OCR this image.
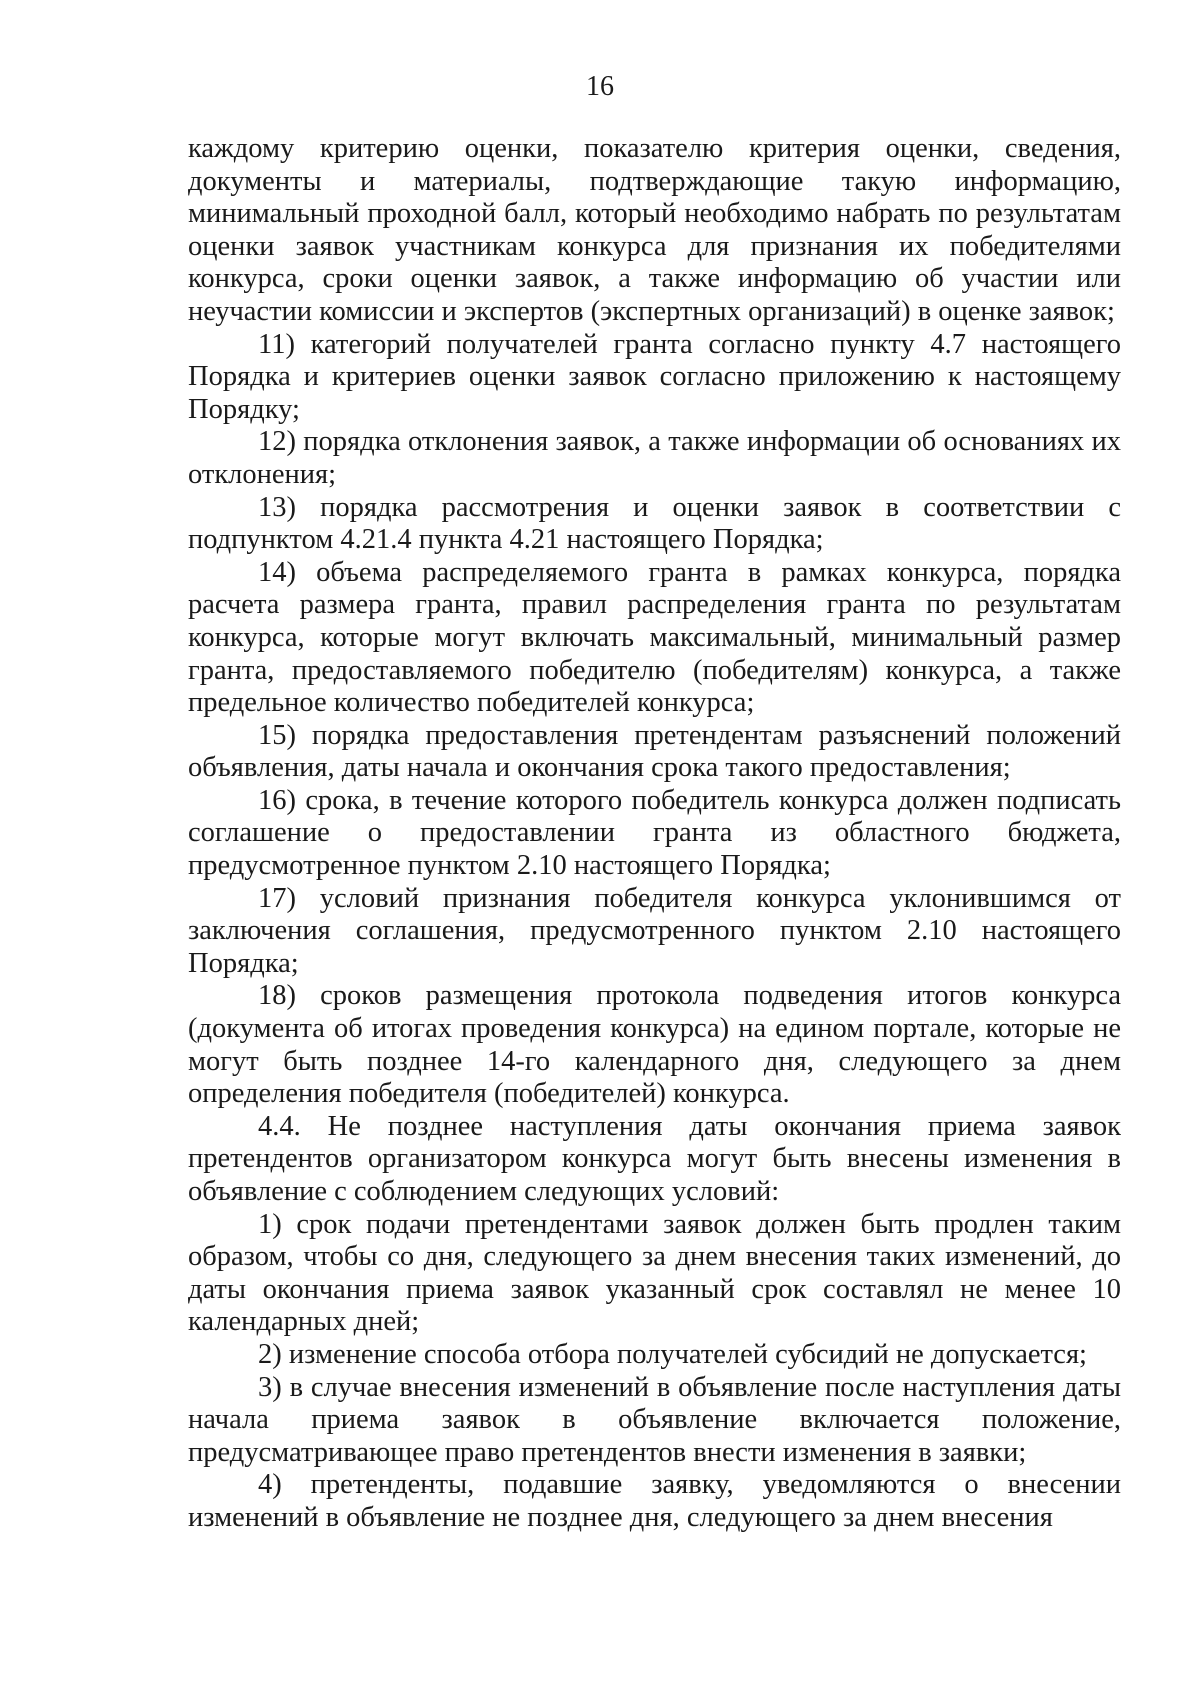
16

каждому критерию оценки, показателю критерия оценки, сведения, документы и материалы, подтверждающие такую информацию, минимальный проходной балл, который необходимо набрать по результатам оценки заявок участникам конкурса для признания их победителями конкурса, сроки оценки заявок, а также информацию об участии или неучастии комиссии и экспертов (экспертных организаций) в оценке заявок;

11) категорий получателей гранта согласно пункту 4.7 настоящего Порядка и критериев оценки заявок согласно приложению к настоящему Порядку;

12) порядка отклонения заявок, а также информации об основаниях их отклонения;

13) порядка рассмотрения и оценки заявок в соответствии с подпунктом 4.21.4 пункта 4.21 настоящего Порядка;

14) объема распределяемого гранта в рамках конкурса, порядка расчета размера гранта, правил распределения гранта по результатам конкурса, которые могут включать максимальный, минимальный размер гранта, предоставляемого победителю (победителям) конкурса, а также предельное количество победителей конкурса;

15) порядка предоставления претендентам разъяснений положений объявления, даты начала и окончания срока такого предоставления;

16) срока, в течение которого победитель конкурса должен подписать соглашение о предоставлении гранта из областного бюджета, предусмотренное пунктом 2.10 настоящего Порядка;

17) условий признания победителя конкурса уклонившимся от заключения соглашения, предусмотренного пунктом 2.10 настоящего Порядка;

18) сроков размещения протокола подведения итогов конкурса (документа об итогах проведения конкурса) на едином портале, которые не могут быть позднее 14-го календарного дня, следующего за днем определения победителя (победителей) конкурса.

4.4. Не позднее наступления даты окончания приема заявок претендентов организатором конкурса могут быть внесены изменения в объявление с соблюдением следующих условий:

1) срок подачи претендентами заявок должен быть продлен таким образом, чтобы со дня, следующего за днем внесения таких изменений, до даты окончания приема заявок указанный срок составлял не менее 10 календарных дней;

2) изменение способа отбора получателей субсидий не допускается;

3) в случае внесения изменений в объявление после наступления даты начала приема заявок в объявление включается положение, предусматривающее право претендентов внести изменения в заявки;

4) претенденты, подавшие заявку, уведомляются о внесении изменений в объявление не позднее дня, следующего за днем внесения
